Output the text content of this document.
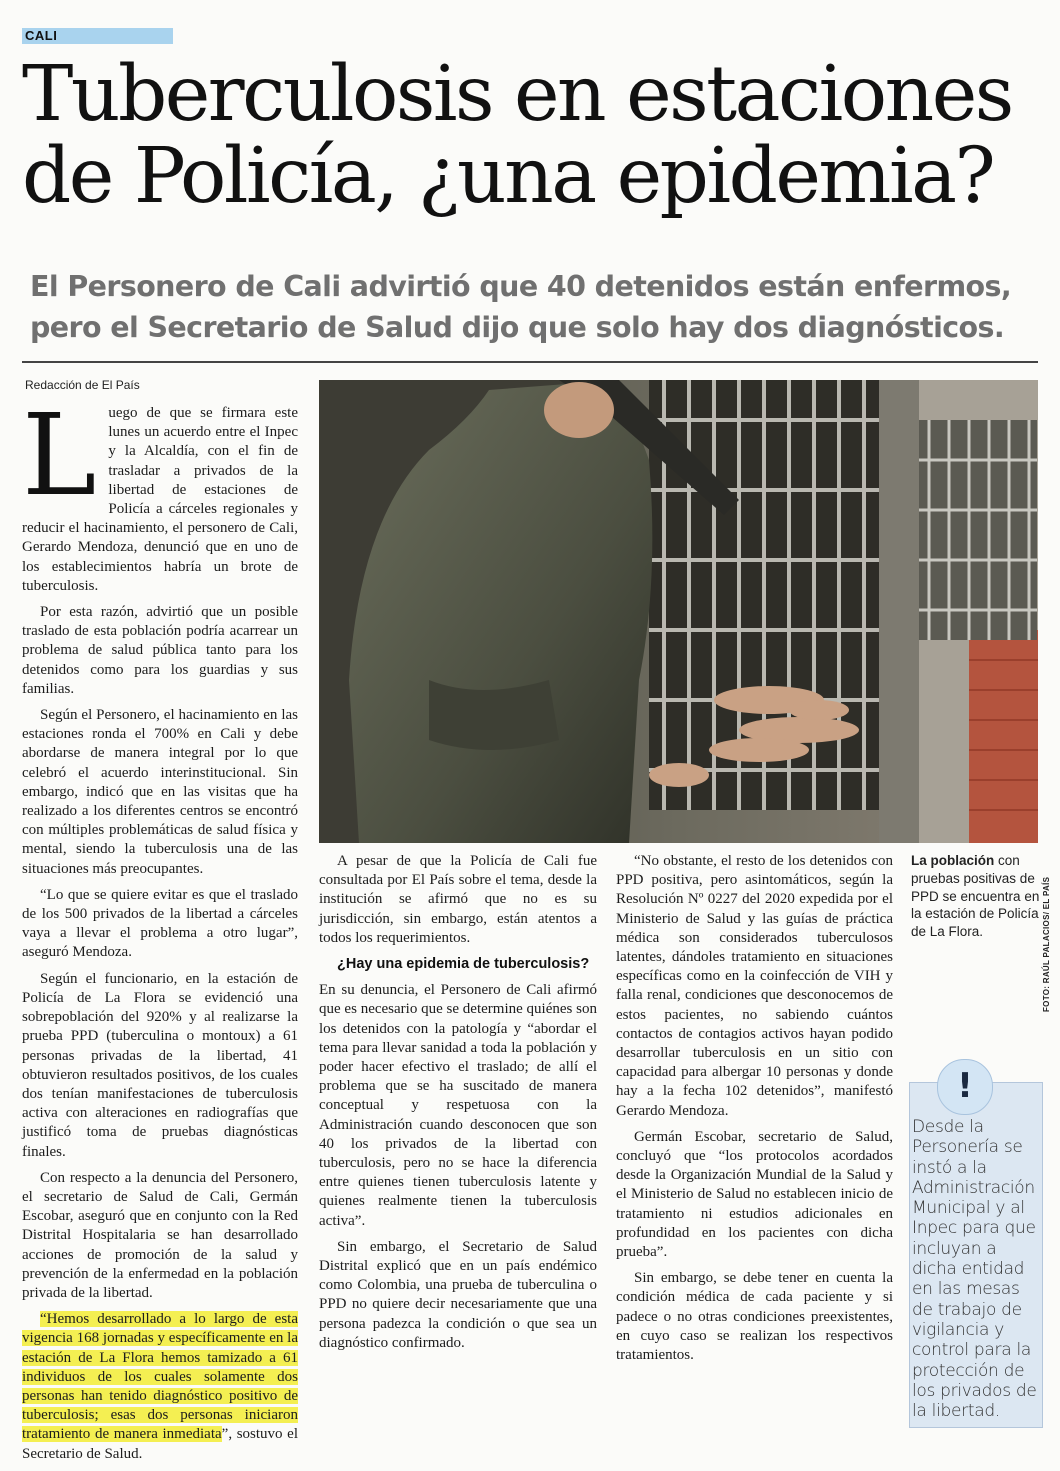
CALI
Tuberculosis en estaciones
de Policía, ¿una epidemia?
El Personero de Cali advirtió que 40 detenidos están enfermos,
pero el Secretario de Salud dijo que solo hay dos diagnósticos.
Redacción de El País

Luego de que se firmara este lunes un acuerdo entre el Inpec y la Alcaldía, con el fin de trasladar a privados de la libertad de estaciones de Policía a cárceles regionales y reducir el hacinamiento, el personero de Cali, Gerardo Mendoza, denunció que en uno de los establecimientos habría un brote de tuberculosis.

Por esta razón, advirtió que un posible traslado de esta población podría acarrear un problema de salud pública tanto para los detenidos como para los guardias y sus familias.

Según el Personero, el hacinamiento en las estaciones ronda el 700% en Cali y debe abordarse de manera integral por lo que celebró el acuerdo interinstitucional. Sin embargo, indicó que en las visitas que ha realizado a los diferentes centros se encontró con múltiples problemáticas de salud física y mental, siendo la tuberculosis una de las situaciones más preocupantes.

“Lo que se quiere evitar es que el traslado de los 500 privados de la libertad a cárceles vaya a llevar el problema a otro lugar”, aseguró Mendoza.

Según el funcionario, en la estación de Policía de La Flora se evidenció una sobrepoblación del 920% y al realizarse la prueba PPD (tuberculina o montoux) a 61 personas privadas de la libertad, 41 obtuvieron resultados positivos, de los cuales dos tenían manifestaciones de tuberculosis activa con alteraciones en radiografías que justificó toma de pruebas diagnósticas finales.

Con respecto a la denuncia del Personero, el secretario de Salud de Cali, Germán Escobar, aseguró que en conjunto con la Red Distrital Hospitalaria se han desarrollado acciones de promoción de la salud y prevención de la enfermedad en la población privada de la libertad.

“Hemos desarrollado a lo largo de esta vigencia 168 jornadas y específicamente en la estación de La Flora hemos tamizado a 61 individuos de los cuales solamente dos personas han tenido diagnóstico positivo de tuberculosis; esas dos personas iniciaron tratamiento de manera inmediata”, sostuvo el Secretario de Salud.

A pesar de que la Policía de Cali fue consultada por El País sobre el tema, desde la institución se afirmó que no es su jurisdicción, sin embargo, están atentos a todos los requerimientos.

¿Hay una epidemia de tuberculosis?

En su denuncia, el Personero de Cali afirmó que es necesario que se determine quiénes son los detenidos con la patología y “abordar el tema para llevar sanidad a toda la población y poder hacer efectivo el traslado; de allí el problema que se ha suscitado de manera conceptual y respetuosa con la Administración cuando desconocen que son 40 los privados de la libertad con tuberculosis, pero no se hace la diferencia entre quienes tienen tuberculosis latente y quienes realmente tienen la tuberculosis activa”.

Sin embargo, el Secretario de Salud Distrital explicó que en un país endémico como Colombia, una prueba de tuberculina o PPD no quiere decir necesariamente que una persona padezca la condición o que sea un diagnóstico confirmado.

“No obstante, el resto de los detenidos con PPD positiva, pero asintomáticos, según la Resolución Nº 0227 del 2020 expedida por el Ministerio de Salud y las guías de práctica médica son considerados tuberculosos latentes, dándoles tratamiento en situaciones específicas como en la coinfección de VIH y falla renal, condiciones que desconocemos de estos pacientes, no sabiendo cuántos contactos de contagios activos hayan podido desarrollar tuberculosis en un sitio con capacidad para albergar 10 personas y donde hay a la fecha 102 detenidos”, manifestó Gerardo Mendoza.

Germán Escobar, secretario de Salud, concluyó que “los protocolos acordados desde la Organización Mundial de la Salud y el Ministerio de Salud no establecen inicio de tratamiento ni estudios adicionales en profundidad en los pacientes con dicha prueba”.

Sin embargo, se debe tener en cuenta la condición médica de cada paciente y si padece o no otras condiciones preexistentes, en cuyo caso se realizan los respectivos tratamientos.

FOTO: RAÚL PALACIOS/ EL PAÍS
La población con pruebas positivas de PPD se encuentra en la estación de Policía de La Flora.
!
Desde la Personería se instó a la Administración Municipal y al Inpec para que incluyan a dicha entidad en las mesas de trabajo de vigilancia y control para la protección de los privados de la libertad.
